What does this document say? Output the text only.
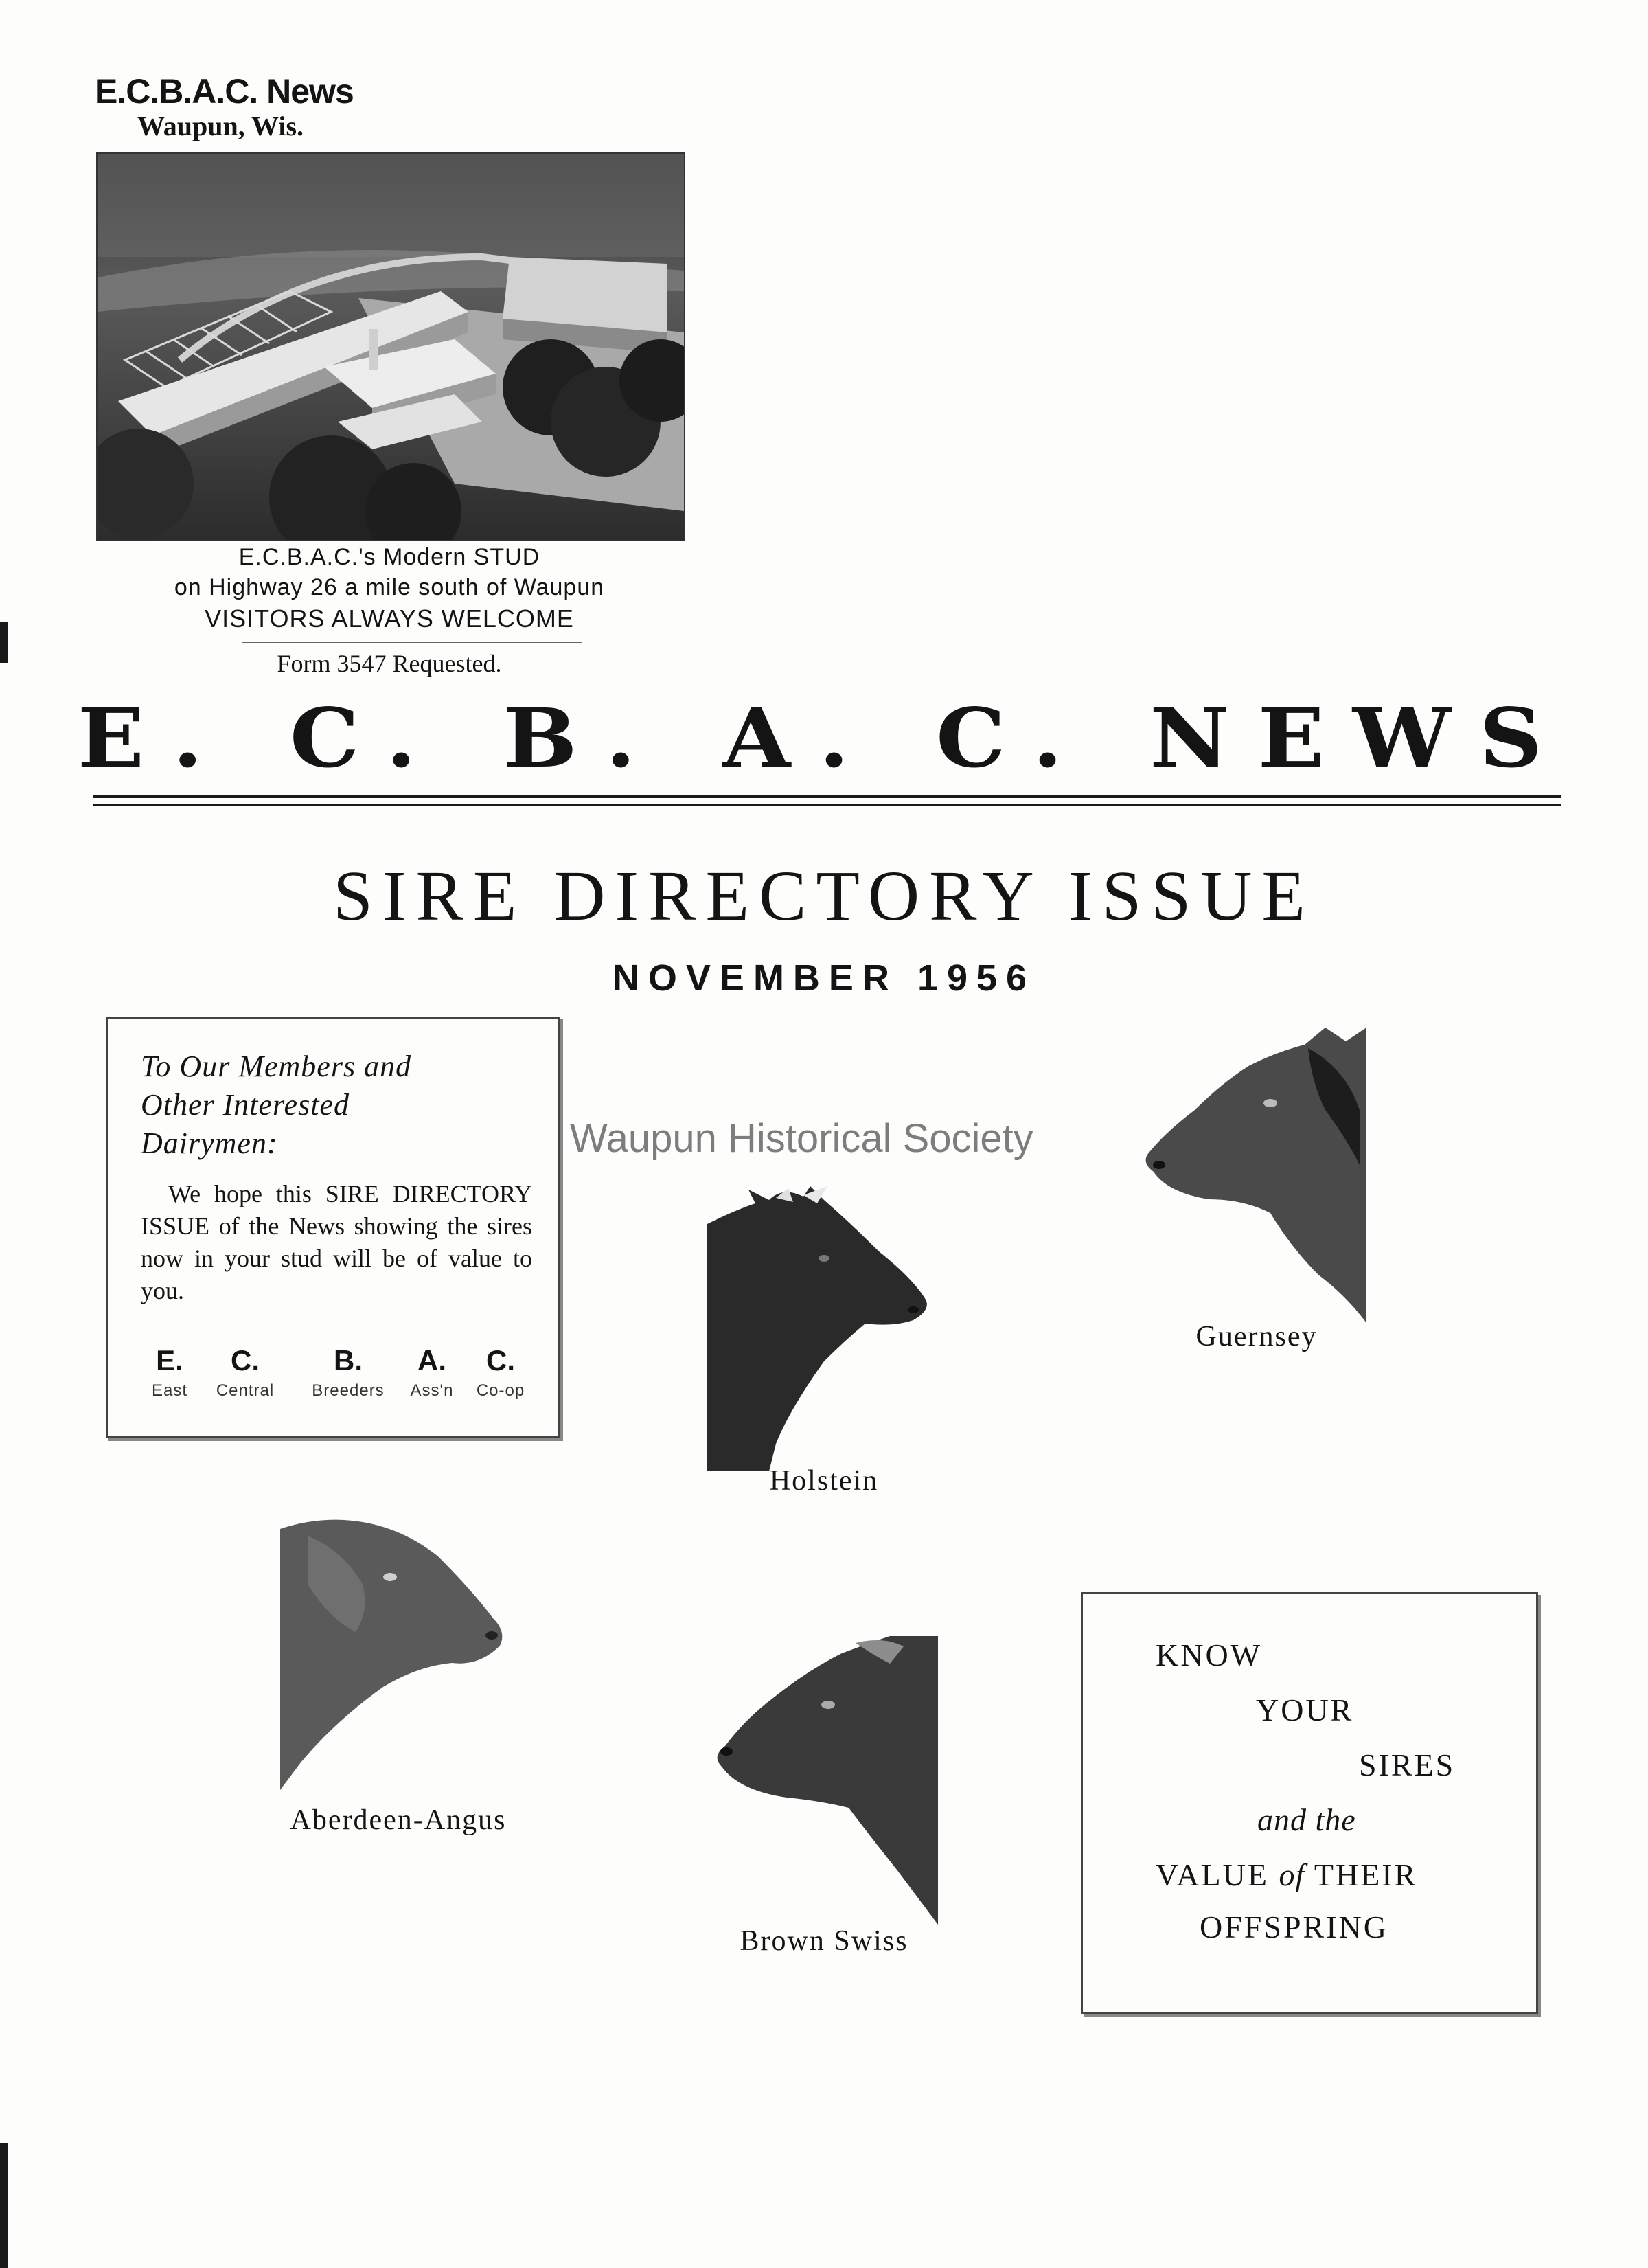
E.C.B.A.C. News
Waupun, Wis.
E.C.B.A.C.'s Modern STUD
on Highway 26 a mile south of Waupun
VISITORS ALWAYS WELCOME
Form 3547 Requested.
E. C. B. A. C. NEWS
SIRE DIRECTORY ISSUE
NOVEMBER 1956
To Our Members and
Other Interested
Dairymen:
We hope this SIRE DIRECTORY ISSUE of the News showing the sires now in your stud will be of value to you.
E.
East
C.
Central
B.
Breeders
A.
Ass'n
C.
Co-op
Waupun Historical Society
Holstein
Guernsey
Aberdeen-Angus
Brown Swiss
KNOW
YOUR
SIRES
and the
VALUE of THEIR
OFFSPRING
